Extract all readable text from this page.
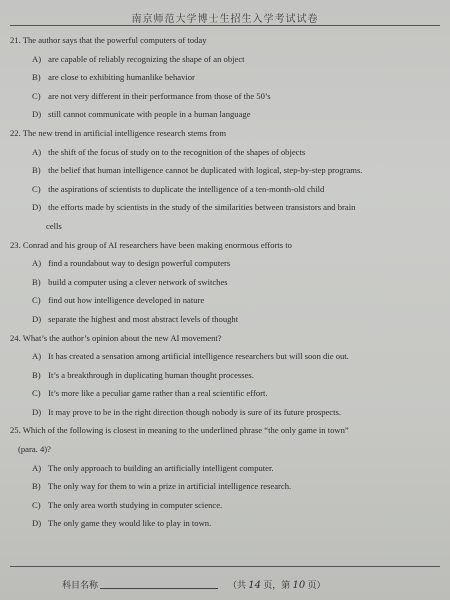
南京师范大学博士生招生入学考试试卷
21. The author says that the powerful computers of today
A) are capable of reliably recognizing the shape of an object
B) are close to exhibiting humanlike behavior
C) are not very different in their performance from those of the 50’s
D) still cannot communicate with people in a human language
22. The new trend in artificial intelligence research stems from
A) the shift of the focus of study on to the recognition of the shapes of objects
B) the belief that human intelligence cannot be duplicated with logical, step-by-step programs.
C) the aspirations of scientists to duplicate the intelligence of a ten-month-old child
D) the efforts made by scientists in the study of the similarities between transistors and brain
cells
23. Conrad and his group of AI researchers have been making enormous efforts to
A) find a roundabout way to design powerful computers
B) build a computer using a clever network of switches
C) find out how intelligence developed in nature
D) separate the highest and most abstract levels of thought
24. What’s the author’s opinion about the new AI movement?
A) It has created a sensation among artificial intelligence researchers but will soon die out.
B) It’s a breakthrough in duplicating human thought processes.
C) It’s more like a peculiar game rather than a real scientific effort.
D) It may prove to be in the right direction though nobody is sure of its future prospects.
25. Which of the following is closest in meaning to the underlined phrase “the only game in town”
(para. 4)?
A) The only approach to building an artificially intelligent computer.
B) The only way for them to win a prize in artificial intelligence research.
C) The only area worth studying in computer science.
D) The only game they would like to play in town.
科目名称	（共 14 页，第 10 页）
